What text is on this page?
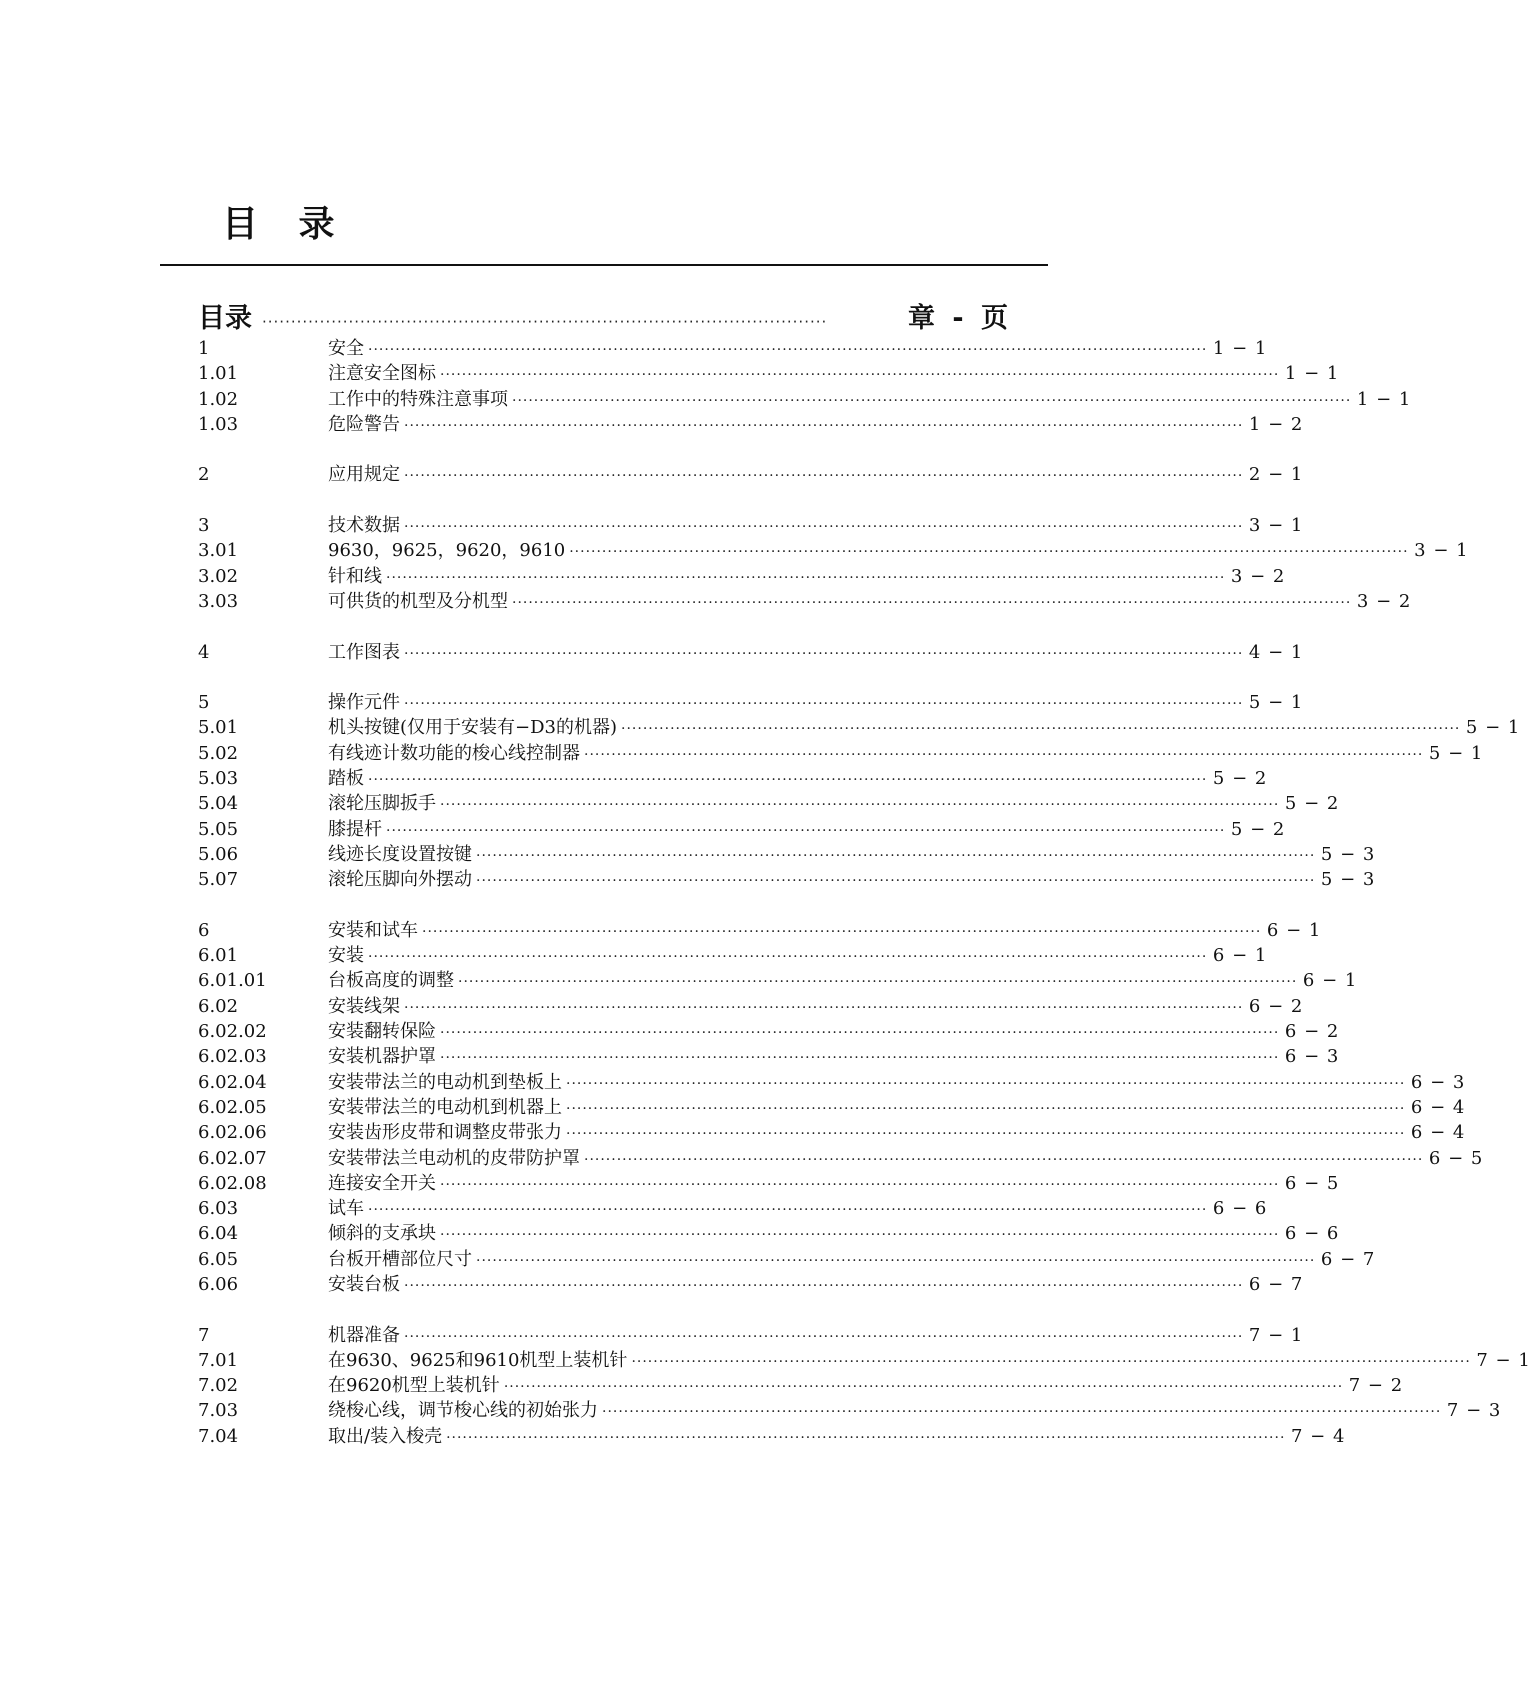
目 录
目录 ··································································································	章 - 页
1	安全 ·························································································································································· 1 − 1
1.01	注意安全图标 ·························································································································································· 1 − 1
1.02	工作中的特殊注意事项 ·························································································································································· 1 − 1
1.03	危险警告 ·························································································································································· 1 − 2
2	应用规定 ·························································································································································· 2 − 1
3	技术数据 ·························································································································································· 3 − 1
3.01	9630，9625，9620，9610 ·························································································································································· 3 − 1
3.02	针和线 ·························································································································································· 3 − 2
3.03	可供货的机型及分机型 ·························································································································································· 3 − 2
4	工作图表 ·························································································································································· 4 − 1
5	操作元件 ·························································································································································· 5 − 1
5.01	机头按键(仅用于安装有−D3的机器) ·························································································································································· 5 − 1
5.02	有线迹计数功能的梭心线控制器 ·························································································································································· 5 − 1
5.03	踏板 ·························································································································································· 5 − 2
5.04	滚轮压脚扳手 ·························································································································································· 5 − 2
5.05	膝提杆 ·························································································································································· 5 − 2
5.06	线迹长度设置按键 ·························································································································································· 5 − 3
5.07	滚轮压脚向外摆动 ·························································································································································· 5 − 3
6	安装和试车 ·························································································································································· 6 − 1
6.01	安装 ·························································································································································· 6 − 1
6.01.01	台板高度的调整 ·························································································································································· 6 − 1
6.02	安装线架 ·························································································································································· 6 − 2
6.02.02	安装翻转保险 ·························································································································································· 6 − 2
6.02.03	安装机器护罩 ·························································································································································· 6 − 3
6.02.04	安装带法兰的电动机到垫板上 ·························································································································································· 6 − 3
6.02.05	安装带法兰的电动机到机器上 ·························································································································································· 6 − 4
6.02.06	安装齿形皮带和调整皮带张力 ·························································································································································· 6 − 4
6.02.07	安装带法兰电动机的皮带防护罩 ·························································································································································· 6 − 5
6.02.08	连接安全开关 ·························································································································································· 6 − 5
6.03	试车 ·························································································································································· 6 − 6
6.04	倾斜的支承块 ·························································································································································· 6 − 6
6.05	台板开槽部位尺寸 ·························································································································································· 6 − 7
6.06	安装台板 ·························································································································································· 6 − 7
7	机器准备 ·························································································································································· 7 − 1
7.01	在9630、9625和9610机型上装机针 ·························································································································································· 7 − 1
7.02	在9620机型上装机针 ·························································································································································· 7 − 2
7.03	绕梭心线，调节梭心线的初始张力 ·························································································································································· 7 − 3
7.04	取出/装入梭壳 ·························································································································································· 7 − 4
